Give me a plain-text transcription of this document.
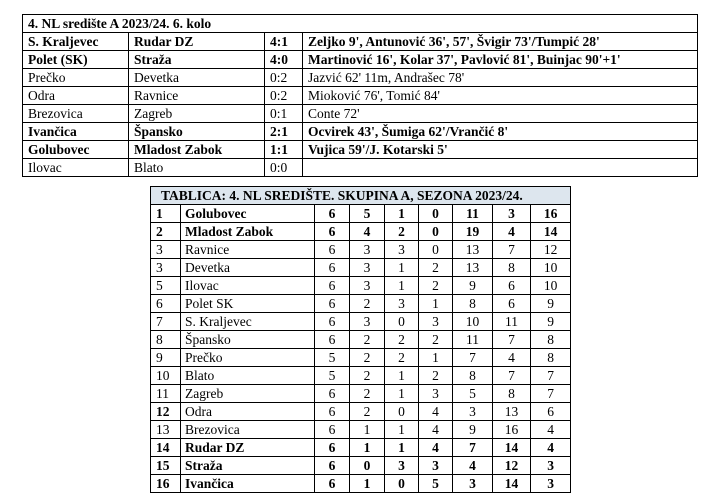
4. NL središte A 2023/24. 6. kolo			
S. Kraljevec	Rudar DZ	4:1	Zeljko 9', Antunović 36', 57', Švigir 73'/Tumpić 28'
Polet (SK)	Straža	4:0	Martinović 16', Kolar 37', Pavlović 81', Buinjac 90'+1'
Prečko	Devetka	0:2	Jazvić 62' 11m, Andrašec 78'
Odra	Ravnice	0:2	Mioković 76', Tomić 84'
Brezovica	Zagreb	0:1	Conte 72'
Ivančica	Špansko	2:1	Ocvirek 43', Šumiga 62'/Vrančić 8'
Golubovec	Mladost Zabok	1:1	Vujica 59'/J. Kotarski 5'
Ilovac	Blato	0:0	
TABLICA: 4. NL SREDIŠTE. SKUPINA A, SEZONA 2023/24.								
1	Golubovec	6	5	1	0	11	3	16
2	Mladost Zabok	6	4	2	0	19	4	14
3	Ravnice	6	3	3	0	13	7	12
3	Devetka	6	3	1	2	13	8	10
5	Ilovac	6	3	1	2	9	6	10
6	Polet SK	6	2	3	1	8	6	9
7	S. Kraljevec	6	3	0	3	10	11	9
8	Špansko	6	2	2	2	11	7	8
9	Prečko	5	2	2	1	7	4	8
10	Blato	5	2	1	2	8	7	7
11	Zagreb	6	2	1	3	5	8	7
12	Odra	6	2	0	4	3	13	6
13	Brezovica	6	1	1	4	9	16	4
14	Rudar DZ	6	1	1	4	7	14	4
15	Straža	6	0	3	3	4	12	3
16	Ivančica	6	1	0	5	3	14	3
